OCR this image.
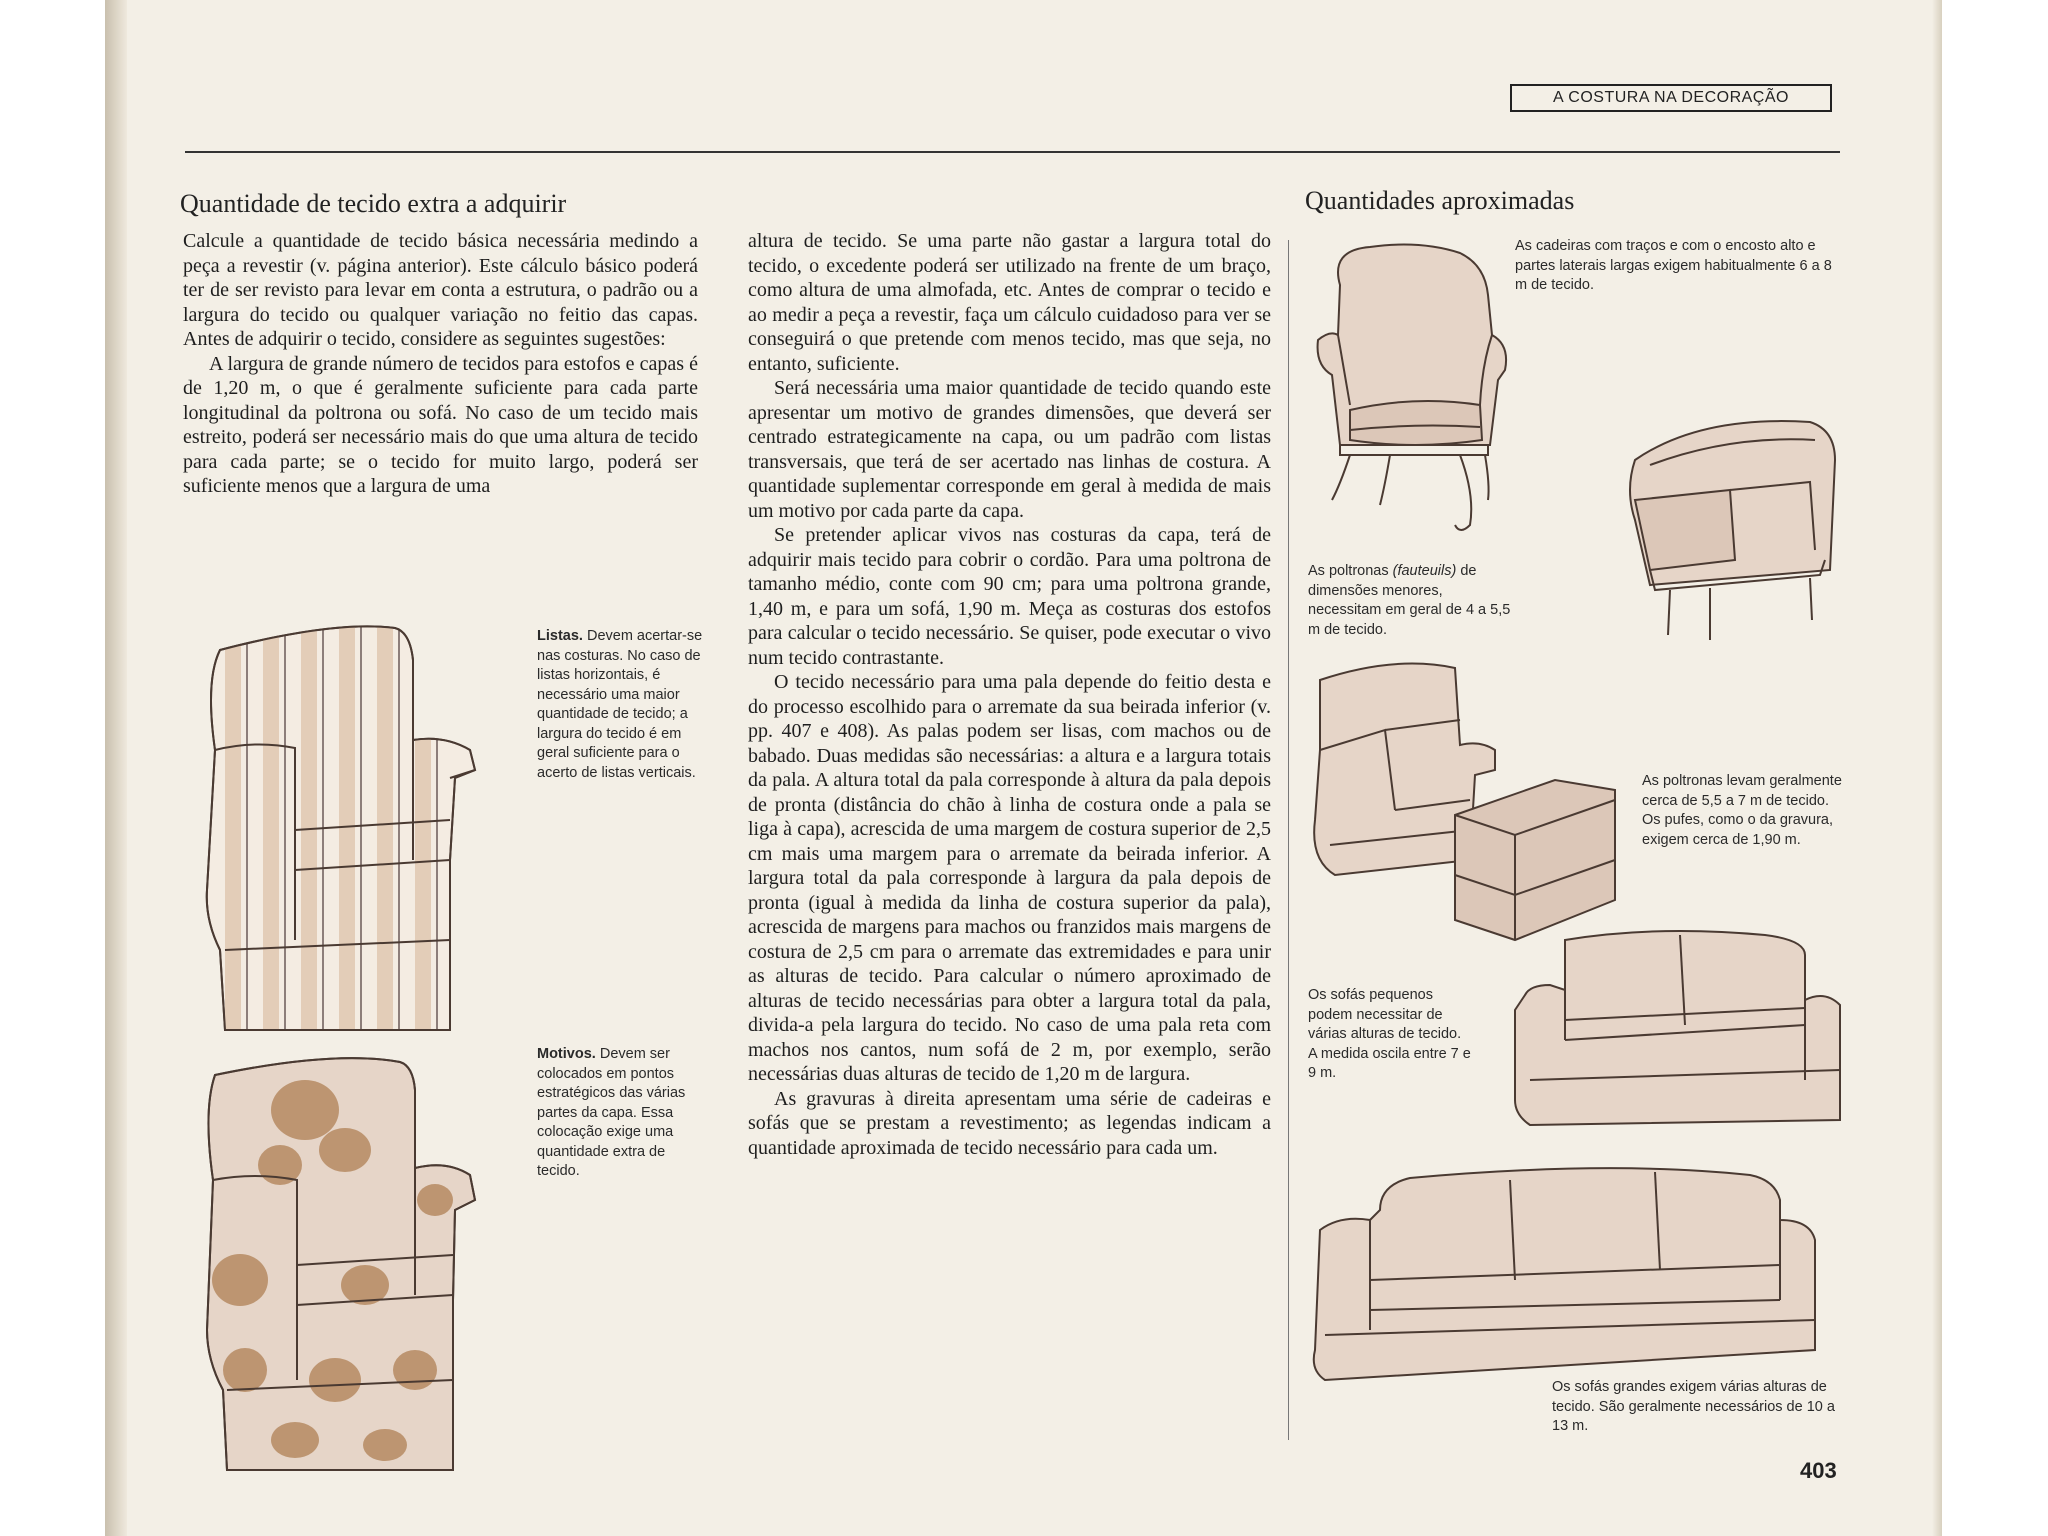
A COSTURA NA DECORAÇÃO
Quantidade de tecido extra a adquirir

Calcule a quantidade de tecido básica necessária medindo a peça a revestir (v. página anterior). Este cálculo básico poderá ter de ser revisto para levar em conta a estrutura, o padrão ou a largura do tecido ou qualquer variação no feitio das capas. Antes de adquirir o tecido, considere as seguintes sugestões:

A largura de grande número de tecidos para estofos e capas é de 1,20 m, o que é geralmente suficiente para cada parte longitudinal da poltrona ou sofá. No caso de um tecido mais estreito, poderá ser necessário mais do que uma altura de tecido para cada parte; se o tecido for muito largo, poderá ser suficiente menos que a largura de uma

Listas. Devem acertar-se nas costuras. No caso de listas horizontais, é necessário uma maior quantidade de tecido; a largura do tecido é em geral suficiente para o acerto de listas verticais.
Motivos. Devem ser colocados em pontos estratégicos das várias partes da capa. Essa colocação exige uma quantidade extra de tecido.

altura de tecido. Se uma parte não gastar a largura total do tecido, o excedente poderá ser utilizado na frente de um braço, como altura de uma almofada, etc. Antes de comprar o tecido e ao medir a peça a revestir, faça um cálculo cuidadoso para ver se conseguirá o que pretende com menos tecido, mas que seja, no entanto, suficiente.

Será necessária uma maior quantidade de tecido quando este apresentar um motivo de grandes dimensões, que deverá ser centrado estrategicamente na capa, ou um padrão com listas transversais, que terá de ser acertado nas linhas de costura. A quantidade suplementar corresponde em geral à medida de mais um motivo por cada parte da capa.

Se pretender aplicar vivos nas costuras da capa, terá de adquirir mais tecido para cobrir o cordão. Para uma poltrona de tamanho médio, conte com 90 cm; para uma poltrona grande, 1,40 m, e para um sofá, 1,90 m. Meça as costuras dos estofos para calcular o tecido necessário. Se quiser, pode executar o vivo num tecido contrastante.

O tecido necessário para uma pala depende do feitio desta e do processo escolhido para o arremate da sua beirada inferior (v. pp. 407 e 408). As palas podem ser lisas, com machos ou de babado. Duas medidas são necessárias: a altura e a largura totais da pala. A altura total da pala corresponde à altura da pala depois de pronta (distância do chão à linha de costura onde a pala se liga à capa), acrescida de uma margem de costura superior de 2,5 cm mais uma margem para o arremate da beirada inferior. A largura total da pala corresponde à largura da pala depois de pronta (igual à medida da linha de costura superior da pala), acrescida de margens para machos ou franzidos mais margens de costura de 2,5 cm para o arremate das extremidades e para unir as alturas de tecido. Para calcular o número aproximado de alturas de tecido necessárias para obter a largura total da pala, divida-a pela largura do tecido. No caso de uma pala reta com machos nos cantos, num sofá de 2 m, por exemplo, serão necessárias duas alturas de tecido de 1,20 m de largura.

As gravuras à direita apresentam uma série de cadeiras e sofás que se prestam a revestimento; as legendas indicam a quantidade aproximada de tecido necessário para cada um.

Quantidades aproximadas
As cadeiras com traços e com o encosto alto e partes laterais largas exigem habitualmente 6 a 8 m de tecido.
As poltronas (fauteuils) de dimensões menores, necessitam em geral de 4 a 5,5 m de tecido.
As poltronas levam geralmente cerca de 5,5 a 7 m de tecido. Os pufes, como o da gravura, exigem cerca de 1,90 m.
Os sofás pequenos podem necessitar de várias alturas de tecido. A medida oscila entre 7 e 9 m.
Os sofás grandes exigem várias alturas de tecido. São geralmente necessários de 10 a 13 m.
403
